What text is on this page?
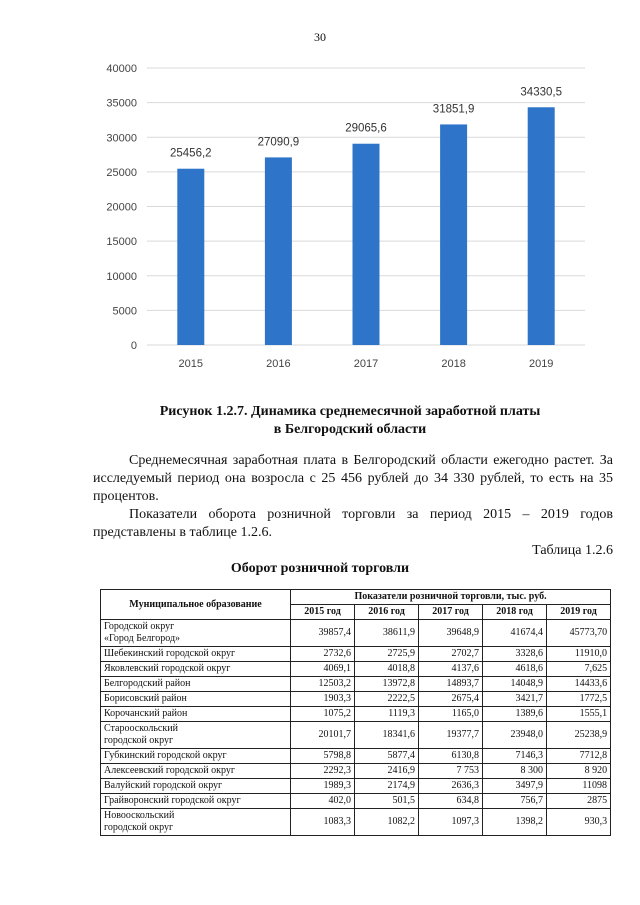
30
0
5000
10000
15000
20000
25000
30000
35000
40000
25456,2
2015
27090,9
2016
29065,6
2017
31851,9
2018
34330,5
2019
Рисунок 1.2.7. Динамика среднемесячной заработной платы
в Белгородский области
Среднемесячная заработная плата в Белгородский области ежегодно растет. За исследуемый период она возросла с 25 456 рублей до 34 330 рублей, то есть на 35 процентов.
Показатели оборота розничной торговли за период 2015 – 2019 годов представлены в таблице 1.2.6.
Таблица 1.2.6
Оборот розничной торговли
Муниципальное образование	Показатели розничной торговли, тыс. руб.				
	2015 год	2016 год	2017 год	2018 год	2019 год

Городской округ
«Город Белгород»	39857,4	38611,9	39648,9	41674,4	45773,70

Шебекинский городской округ	2732,6	2725,9	2702,7	3328,6	11910,0

Яковлевский городской округ	4069,1	4018,8	4137,6	4618,6	7,625

Белгородский район	12503,2	13972,8	14893,7	14048,9	14433,6

Борисовский район	1903,3	2222,5	2675,4	3421,7	1772,5

Корочанский район	1075,2	1119,3	1165,0	1389,6	1555,1

Старооскольский
городской округ	20101,7	18341,6	19377,7	23948,0	25238,9

Губкинский городской округ	5798,8	5877,4	6130,8	7146,3	7712,8

Алексеевский городской округ	2292,3	2416,9	7 753	8 300	8 920

Валуйский городской округ	1989,3	2174,9	2636,3	3497,9	11098

Грайворонский городской округ	402,0	501,5	634,8	756,7	2875

Новооскольский
городской округ	1083,3	1082,2	1097,3	1398,2	930,3
